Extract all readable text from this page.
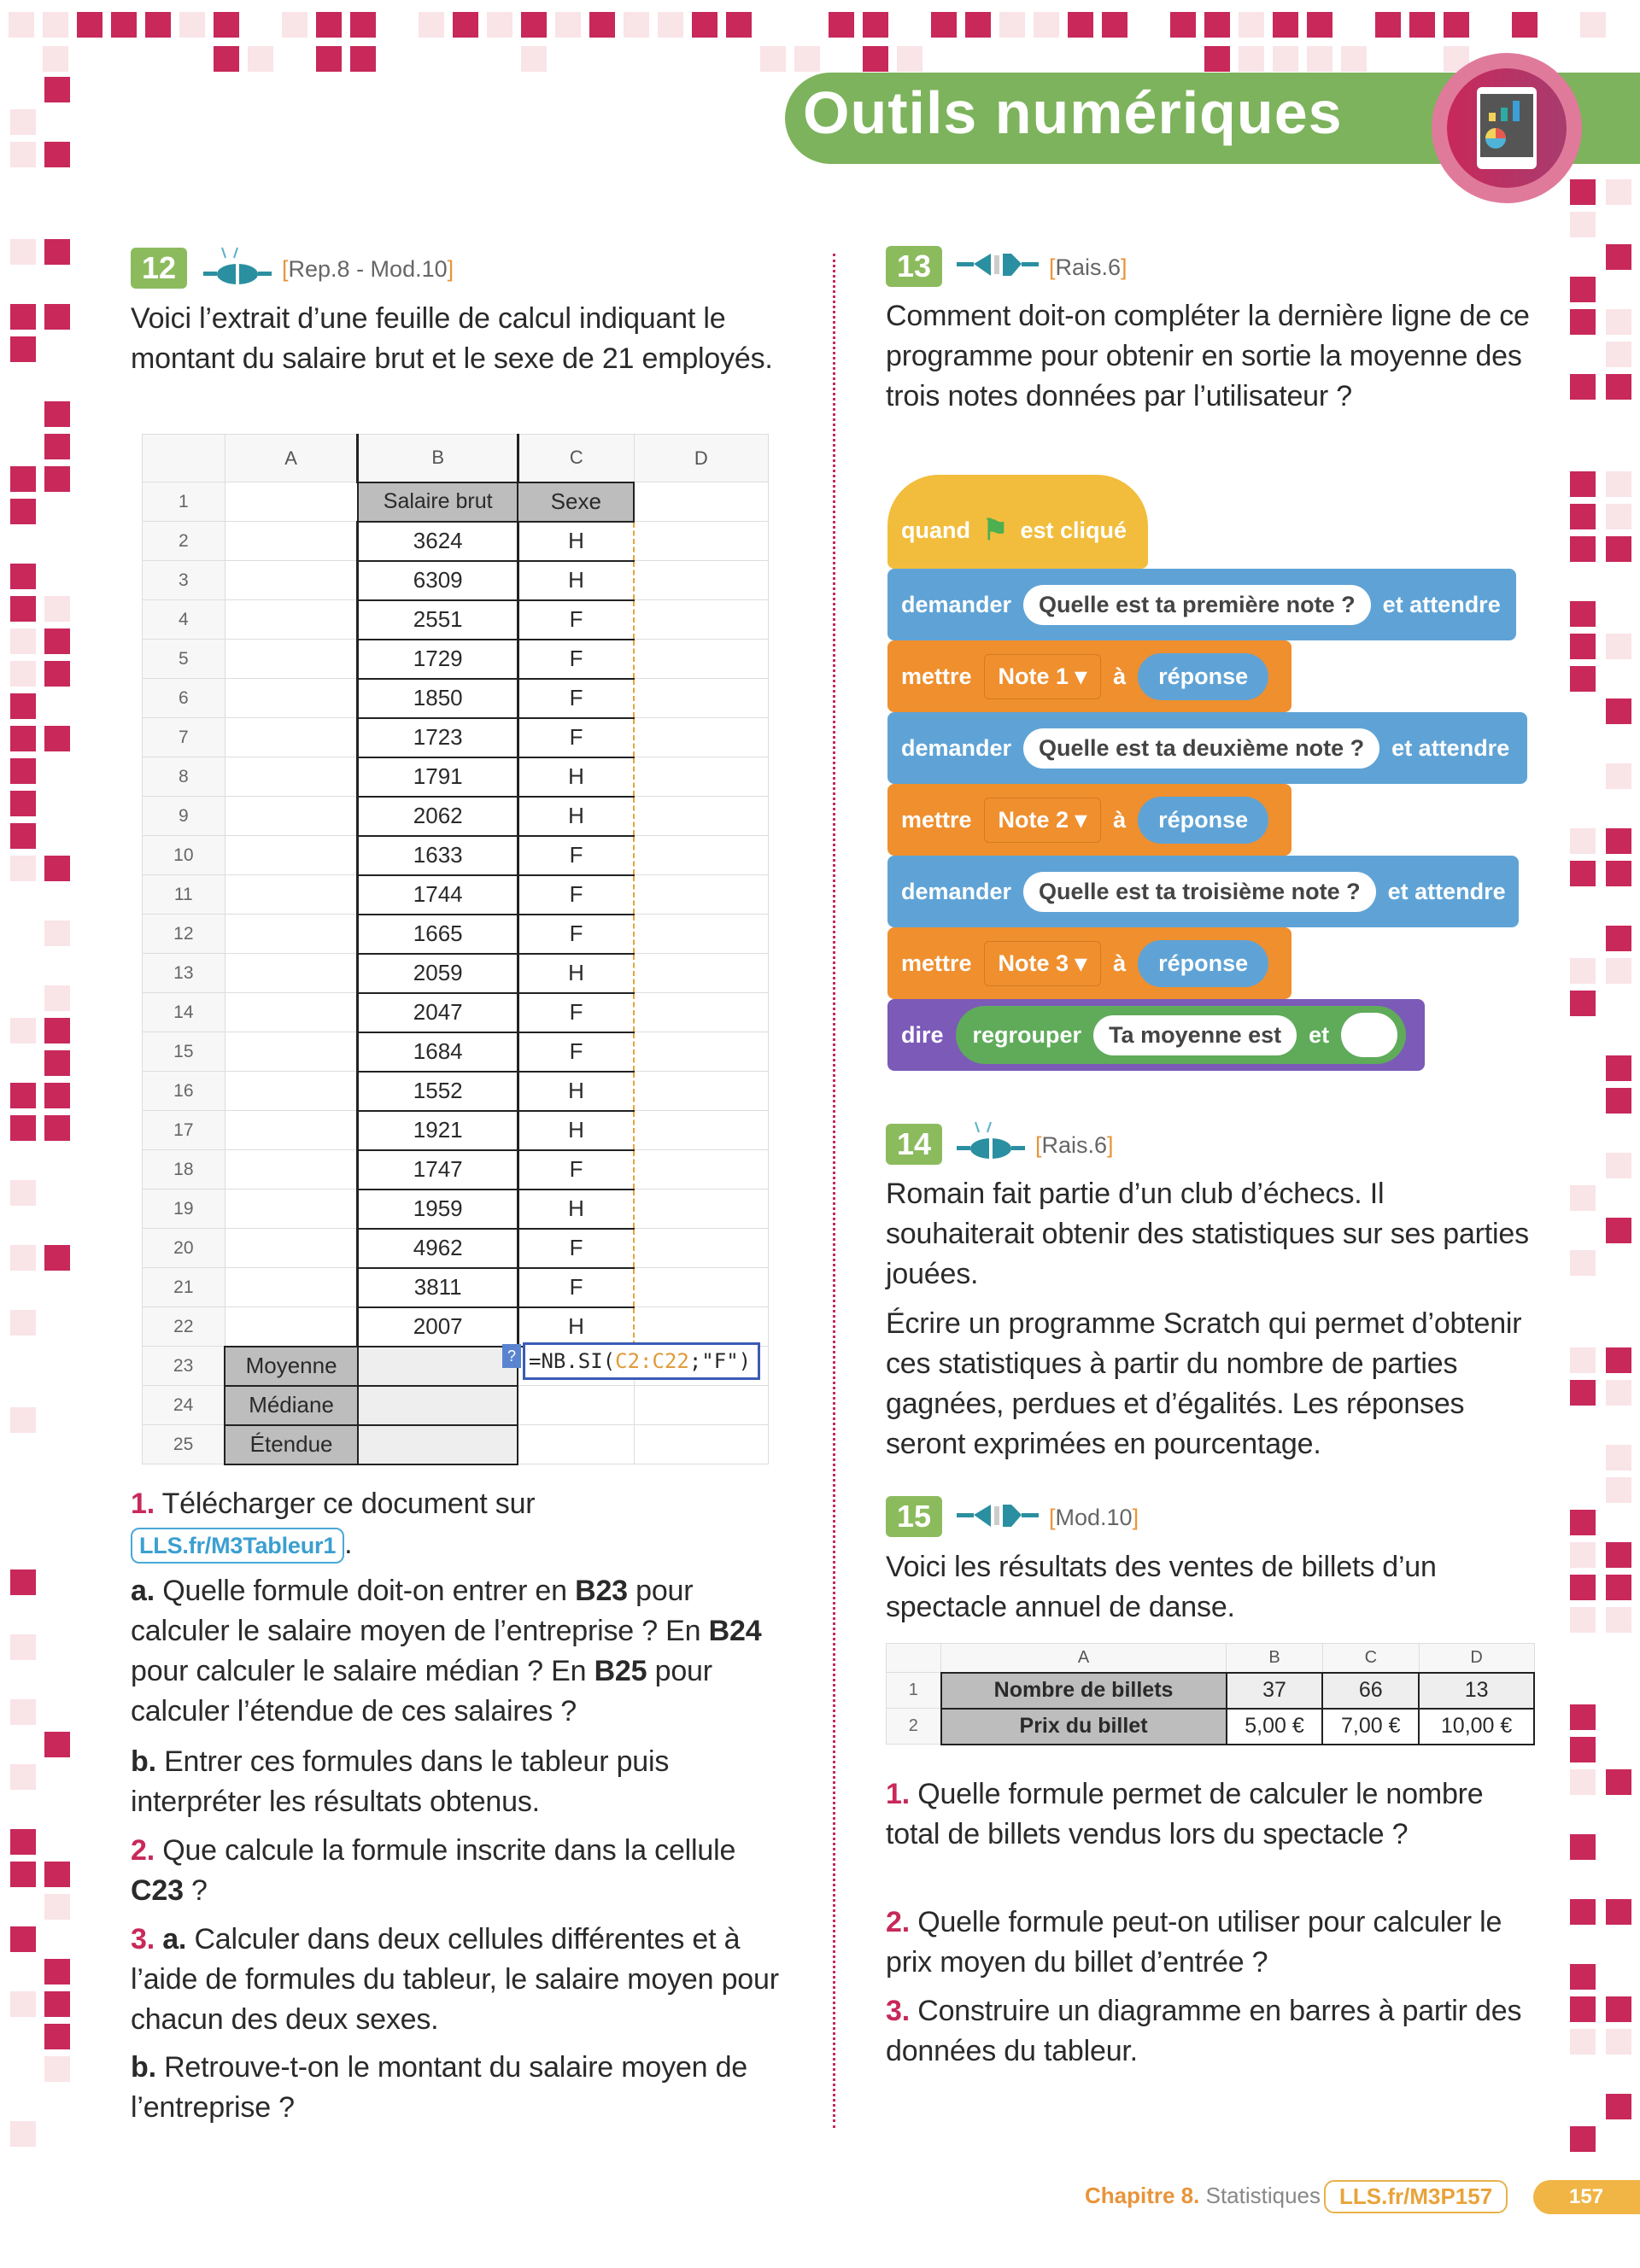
Outils numériques
12	[Rep.8 - Mod.10]
Voici l’extrait d’une feuille de calcul indiquant le montant du salaire brut et le sexe de 21 employés.
	A	B	C	D
1		Salaire brut	Sexe	
2		3624	H	
3		6309	H	
4		2551	F	
5		1729	F	
6		1850	F	
7		1723	F	
8		1791	H	
9		2062	H	
10		1633	F	
11		1744	F	
12		1665	F	
13		2059	H	
14		2047	F	
15		1684	F	
16		1552	H	
17		1921	H	
18		1747	F	
19		1959	H	
20		4962	F	
21		3811	F	
22		2007	H	
23	Moyenne			
24	Médiane			
25	Étendue			
? =NB.SI(C2:C22;"F")
1. Télécharger ce document sur
LLS.fr/M3Tableur1 .
a. Quelle formule doit-on entrer en B23 pour calculer le salaire moyen de l’entreprise ? En B24 pour calculer le salaire médian ? En B25 pour calculer l’étendue de ces salaires ?
b. Entrer ces formules dans le tableur puis interpréter les résultats obtenus.
2. Que calcule la formule inscrite dans la cellule C23 ?
3. a. Calculer dans deux cellules différentes et à l’aide de formules du tableur, le salaire moyen pour chacun des deux sexes.
b. Retrouve-t-on le montant du salaire moyen de l’entreprise ?
13	[Rais.6]
Comment doit-on compléter la dernière ligne de ce programme pour obtenir en sortie la moyenne des trois notes données par l’utilisateur ?
quand ⚑ est cliqué
demander	Quelle est ta première note ?	et attendre
mettre	Note 1 ▾	à	réponse
demander	Quelle est ta deuxième note ?	et attendre
mettre	Note 2 ▾	à	réponse
demander	Quelle est ta troisième note ?	et attendre
mettre	Note 3 ▾	à	réponse
dire regrouper	Ta moyenne est	et
14	[Rais.6]
Romain fait partie d’un club d’échecs. Il souhaiterait obtenir des statistiques sur ses parties jouées.
Écrire un programme Scratch qui permet d’obtenir ces statistiques à partir du nombre de parties gagnées, perdues et d’égalités. Les réponses seront exprimées en pourcentage.
15	[Mod.10]
Voici les résultats des ventes de billets d’un spectacle annuel de danse.
	A	B	C	D
1	Nombre de billets	37	66	13
2	Prix du billet	5,00 €	7,00 €	10,00 €
1. Quelle formule permet de calculer le nombre total de billets vendus lors du spectacle ?
2. Quelle formule peut-on utiliser pour calculer le prix moyen du billet d’entrée ?
3. Construire un diagramme en barres à partir des données du tableur.
Chapitre 8. Statistiques LLS.fr/M3P157	157
